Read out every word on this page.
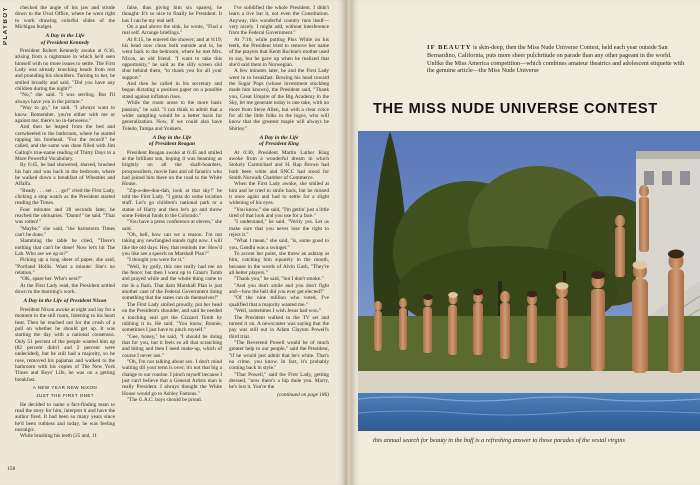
PLAYBOY	checked the angle of his jaw and strode down to the Oval Office, where he went right to work drawing colorful slides of the Michigan budget.

A Day in the Life
of President Kennedy

President Robert Kennedy awoke at 6:30, arising from a nightmare in which he'd seen himself with no more issues to settle. The First Lady was already knocking heads from rest and pounding his shoulders. Turning to her, he smiled broadly and said, "Did you have any children during the night?"

"No," she said. "I was sterling. But I'll always have you in the picture."

"Way to go," he said. "I always want to know. Remember, you're either with me or against me; there's no in-betweens."

And then he leaped from the bed and cartwheeled to the bathroom, where he started rapping his forehead. "For the record!" he called, and the same was done filled with Jim Gallup's true-name reading of Thirty Days to a More Powerful Vocabulary.

By 6:45, he had showered, shaved, brushed his hair and was back in the bedroom, where he walked down a breakfast of Wheaties and Alfalfa.

"Ready . . . set . . . go!" cried the First Lady, clicking a stop watch as the President started reading the Times.

Four minutes and 38 seconds later, he reached the obituaries. "Damn!" he said. "That was rotten!"

"Maybe," she said, "the barnstorm Times can't be done."

Slamming the table he cried, "There's nothing that can't be done! Now let's hit The Lab. Who are we up to?"

Picking up a long sheet of paper, she said, "Portland Hollis. Want a minute: She's no relation."

"OK, spare her. Who's next?"

At the First Lady read, the President settled down to the morning's work.

A Day in the Life of President Nixon

President Nixon awoke at eight and lay for a moment in the still room, listening to his heart beat. Then he reached out for the crush of a pull on whether he should get up. It was starting the day with a national consensus. Only 51 percent of the people wanted him up (82 percent didn't and 2 percent were undecided), but he still had a majority, so he rose, removed his pajamas and walked to the bathroom with his copies of The New York Times and Boys' Life, he was on a getting breakfast.

A NEW YEAR NEW NIXON

JUST THE FIRST ONE?

He decided to name a fact-finding team to read the story for him, interpret it and have the author fired. It had been so many years since he'd been ruthless and today, he was feeling nostalgic.

While brushing his teeth (25 and, 11

false, thus giving him six spares), he thought: It's so nice to finally be President. It has I can be my real self.

On a pad above the sink, he wrote, "Find a real self. Arrange briefings."

At 8:15, he entered the shower; and at 8:19, his head now clean both outside and in, he went back to the bedroom, where he met Mrs. Nixon, an old friend. "I want to take this opportunity," he said as the silly screen slid shut behind them, "to thank you for all your support."

And then he called in his secretary and began dictating a position paper on a possible stand against inflation rises.

While the room arose to the more basic passion," he said. "I can think to admit that a wider sampling would be a better basis for generalization. Now, if we could also have Toledo, Tampa and Yonkers.

A Day in the Life
of President Reagan

President Reagan awoke at 6:45 and smiled at the brilliant sun, hoping it was beaming as brightly on all the shaft-hoarders, prosponsibers, movie fans and oil fanatics who had joined him there on the road to the White House.

"Zip-a-dee-doo-dah, look at that sky!" he told the First Lady. "I gotta do some location stuff. Let's go children's national park or a statue of Harry and then let's go and throw some Federal funds to the Colorado."

"You have a press conference at eleven," she said.

"Oh, hell, how can we a reason. I'm not taking any newfangled stands right now. I will like the old days. Hey, that reminds me: How'd you like see a speech on Marshall Plan?"

"I thought you were for it."

"Well, by golly, this one really had me on the fence; but then I went up to Grant's Tomb and prayed while and the whole thing came to me in a flash. That darn Marshall Plan is just another case of the Federal Government doing something that the states can do themselves!"

The First Lady smiled proudly, put her head on the President's shoulder, and said he needed a touching seal got the Gizzard Tomb by rubbing it in. He said, "You know, Bonnie, sometimes I just have to pinch myself."

"Gee, honey," he said, "I should be doing that for you, but it feels so all that scratching and biting and then I need make-up, which of course I never use."

"Oh, I'm not talking about sex. I don't mind waiting till your term is over; it's not that big a change to our routine. I pinch myself because I just can't believe that a General Artists man is really President. I always thought the White House would go to Ashley Famous."

"The G.A.C. boys should be proud.

I've solidified the whole President. I didn't learn a live bar it, not even the Constitution. Anyway, this wonderful country runs itself—very nicely. I might add, without interference from the Federal Government."

At 7:10, while putting Plus White on his teeth, the President tried to remove her name of the prayers that Kentt Rockne's mother used to say, but he gave up when he realized that she'd said them in Norwegian.

A few minutes later, he and the First Lady went in to breakfast. Bowing his head toward the Sugar Pops (whose investment stockbeg made him known), the President said, "Thank you, Great Umpire of the Big Academy in the Sky, let me generate today is one take, with no more from Steve Allen, but with a clear voice for all the little folks in the logos, who will know that the greatest maple will always be Shirley."

A Day in the Life
of President King

At 6:30, President Martin Luther King awoke from a wonderful dream in which Stokely Carmichael and H. Rap Brown had both been white and SNCC had stood for Smith Norwalk Chamber of Commerce.

When the First Lady awoke, she smiled at him and he tried to smile back, but he missed it once again and had to settle for a slight widening of his eyes.

"You know," she said, "I'm gettin' just a little tired of that look and you use for a face."

"I understand," he said. "Verily yes. Let us make sure that you never lose the right to reject it."

"What I mean," she said, "is, some good to you, Gandhi was a swinger."

To accent her point, she threw an ashtray at him, catching him squarely in the mouth, because in the words of Alvin Gash, "They're all better players."

"Thank you," he said, "but I don't smoke."

"And you don't smile and you don't fight and—how the hell did you ever get elected?"

"Of the nine million who voted, I've qualified that a majority wanted me."

"Well, sometimes I wish Jesus had won."

The President walked to the TV set and turned it on. A newscaster was saying that the pay was still out in Adam Clayton Powell's third trial.

"The Reverend Powell would be of much greater help to our people," said the President, "if he would just admit that he's white. That's no crime, you know. In fact, it's probably coming back in style."

"That Powell," said the First Lady, getting dressed, "now there's a hip dude you. Marry, he's lost it. You're the

(continued on page 186)

158
IF BEAUTY is skin-deep, then the Miss Nude Universe Contest, held each year outside San Bernardino, California, puts more sheer pulchritude on parade than any other pageant in the world. Unlike the Miss America competition—which combines amateur theatrics and adolescent etiquette with the genuine article—the Miss Nude Universe
THE MISS NUDE UNIVERSE CONTEST
this annual search for beauty in the buff is a refreshing answer to those parades of the vestal virgins
